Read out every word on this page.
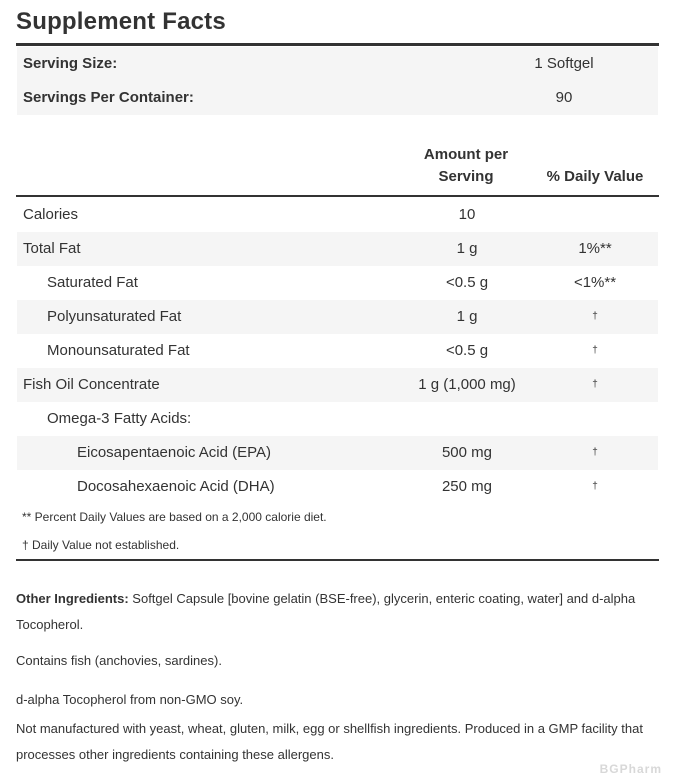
Supplement Facts
Serving Size:	1 Softgel
Servings Per Container:	90
Amount per
Serving	% Daily Value
Calories	10
Total Fat	1 g	1%**
Saturated Fat	<0.5 g	<1%**
Polyunsaturated Fat	1 g	†
Monounsaturated Fat	<0.5 g	†
Fish Oil Concentrate	1 g (1,000 mg)	†
Omega-3 Fatty Acids:
Eicosapentaenoic Acid (EPA)	500 mg	†
Docosahexaenoic Acid (DHA)	250 mg	†
** Percent Daily Values are based on a 2,000 calorie diet.
† Daily Value not established.

Other Ingredients: Softgel Capsule [bovine gelatin (BSE-free), glycerin, enteric coating, water] and d-alpha Tocopherol.

Contains fish (anchovies, sardines).

d-alpha Tocopherol from non-GMO soy.

Not manufactured with yeast, wheat, gluten, milk, egg or shellfish ingredients. Produced in a GMP facility that processes other ingredients containing these allergens.

BGPharm
